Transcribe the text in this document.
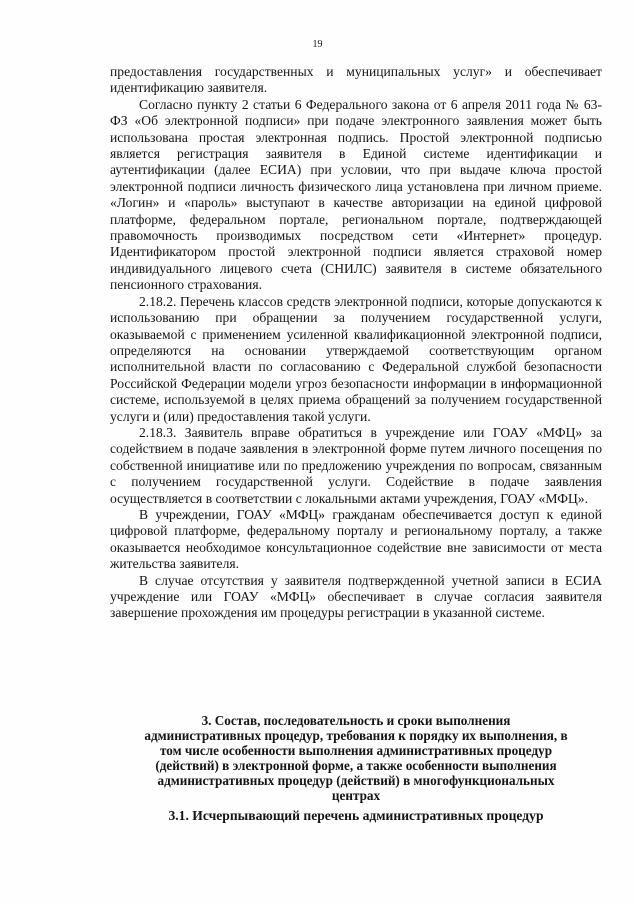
19

предоставления государственных и муниципальных услуг» и обеспечивает идентификацию заявителя.

Согласно пункту 2 статьи 6 Федерального закона от 6 апреля 2011 года № 63-ФЗ «Об электронной подписи» при подаче электронного заявления может быть использована простая электронная подпись. Простой электронной подписью является регистрация заявителя в Единой системе идентификации и аутентификации (далее ЕСИА) при условии, что при выдаче ключа простой электронной подписи личность физического лица установлена при личном приеме. «Логин» и «пароль» выступают в качестве авторизации на единой цифровой платформе, федеральном портале, региональном портале, подтверждающей правомочность производимых посредством сети «Интернет» процедур. Идентификатором простой электронной подписи является страховой номер индивидуального лицевого счета (СНИЛС) заявителя в системе обязательного пенсионного страхования.

2.18.2. Перечень классов средств электронной подписи, которые допускаются к использованию при обращении за получением государственной услуги, оказываемой с применением усиленной квалификационной электронной подписи, определяются на основании утверждаемой соответствующим органом исполнительной власти по согласованию с Федеральной службой безопасности Российской Федерации модели угроз безопасности информации в информационной системе, используемой в целях приема обращений за получением государственной услуги и (или) предоставления такой услуги.

2.18.3. Заявитель вправе обратиться в учреждение или ГОАУ «МФЦ» за содействием в подаче заявления в электронной форме путем личного посещения по собственной инициативе или по предложению учреждения по вопросам, связанным с получением государственной услуги. Содействие в подаче заявления осуществляется в соответствии с локальными актами учреждения, ГОАУ «МФЦ».

В учреждении, ГОАУ «МФЦ» гражданам обеспечивается доступ к единой цифровой платформе, федеральному порталу и региональному порталу, а также оказывается необходимое консультационное содействие вне зависимости от места жительства заявителя.

В случае отсутствия у заявителя подтвержденной учетной записи в ЕСИА учреждение или ГОАУ «МФЦ» обеспечивает в случае согласия заявителя завершение прохождения им процедуры регистрации в указанной системе.

3. Состав, последовательность и сроки выполнения административных процедур, требования к порядку их выполнения, в том числе особенности выполнения административных процедур (действий) в электронной форме, а также особенности выполнения административных процедур (действий) в многофункциональных центрах
3.1. Исчерпывающий перечень административных процедур
